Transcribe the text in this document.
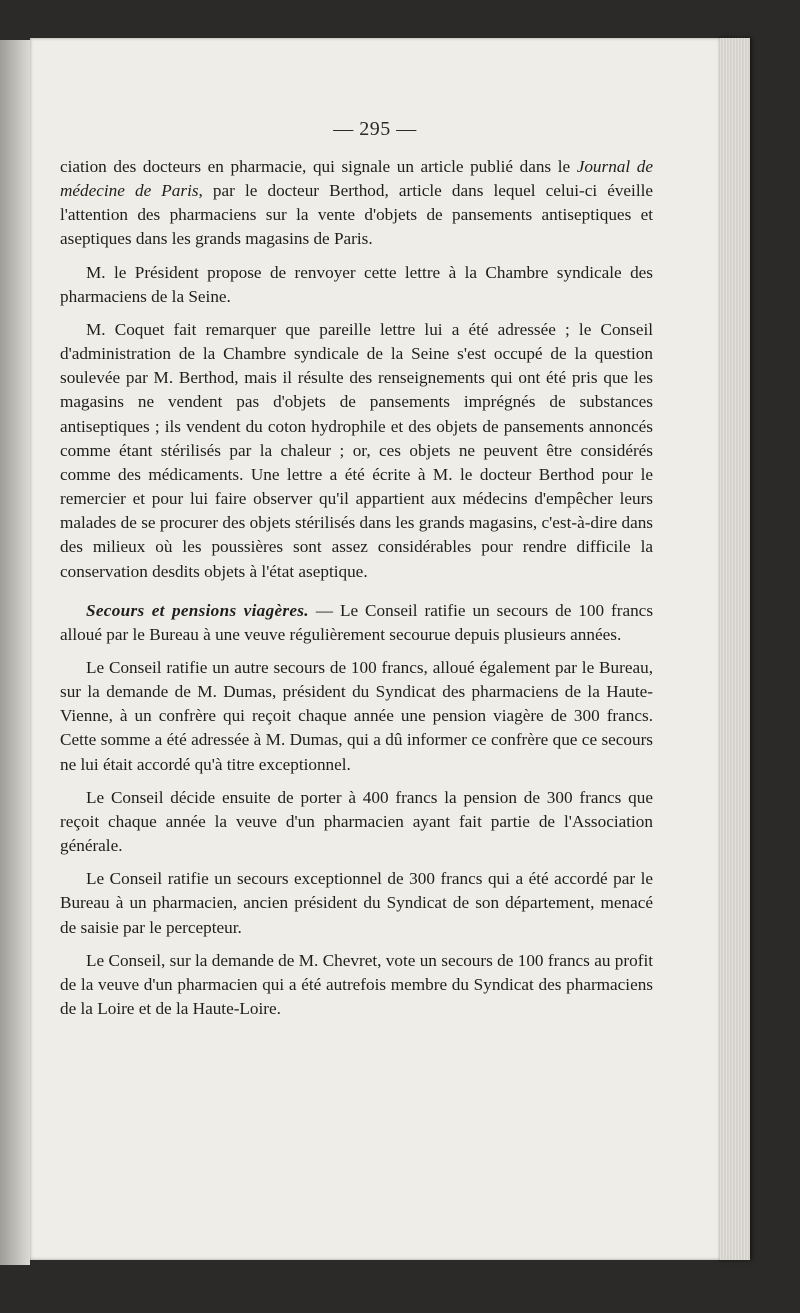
— 295 —

ciation des docteurs en pharmacie, qui signale un article publié dans le Journal de médecine de Paris, par le docteur Berthod, article dans lequel celui-ci éveille l'attention des pharmaciens sur la vente d'objets de pansements antiseptiques et aseptiques dans les grands magasins de Paris.

M. le Président propose de renvoyer cette lettre à la Chambre syndicale des pharmaciens de la Seine.

M. Coquet fait remarquer que pareille lettre lui a été adressée ; le Conseil d'administration de la Chambre syndicale de la Seine s'est occupé de la question soulevée par M. Berthod, mais il résulte des renseignements qui ont été pris que les magasins ne vendent pas d'objets de pansements imprégnés de substances antiseptiques ; ils vendent du coton hydrophile et des objets de pansements annoncés comme étant stérilisés par la chaleur ; or, ces objets ne peuvent être considérés comme des médicaments. Une lettre a été écrite à M. le docteur Berthod pour le remercier et pour lui faire observer qu'il appartient aux médecins d'empêcher leurs malades de se procurer des objets stérilisés dans les grands magasins, c'est-à-dire dans des milieux où les poussières sont assez considérables pour rendre difficile la conservation desdits objets à l'état aseptique.

Secours et pensions viagères. — Le Conseil ratifie un secours de 100 francs alloué par le Bureau à une veuve régulièrement secourue depuis plusieurs années.

Le Conseil ratifie un autre secours de 100 francs, alloué également par le Bureau, sur la demande de M. Dumas, président du Syndicat des pharmaciens de la Haute-Vienne, à un confrère qui reçoit chaque année une pension viagère de 300 francs. Cette somme a été adressée à M. Dumas, qui a dû informer ce confrère que ce secours ne lui était accordé qu'à titre exceptionnel.

Le Conseil décide ensuite de porter à 400 francs la pension de 300 francs que reçoit chaque année la veuve d'un pharmacien ayant fait partie de l'Association générale.

Le Conseil ratifie un secours exceptionnel de 300 francs qui a été accordé par le Bureau à un pharmacien, ancien président du Syndicat de son département, menacé de saisie par le percepteur.

Le Conseil, sur la demande de M. Chevret, vote un secours de 100 francs au profit de la veuve d'un pharmacien qui a été autrefois membre du Syndicat des pharmaciens de la Loire et de la Haute-Loire.
